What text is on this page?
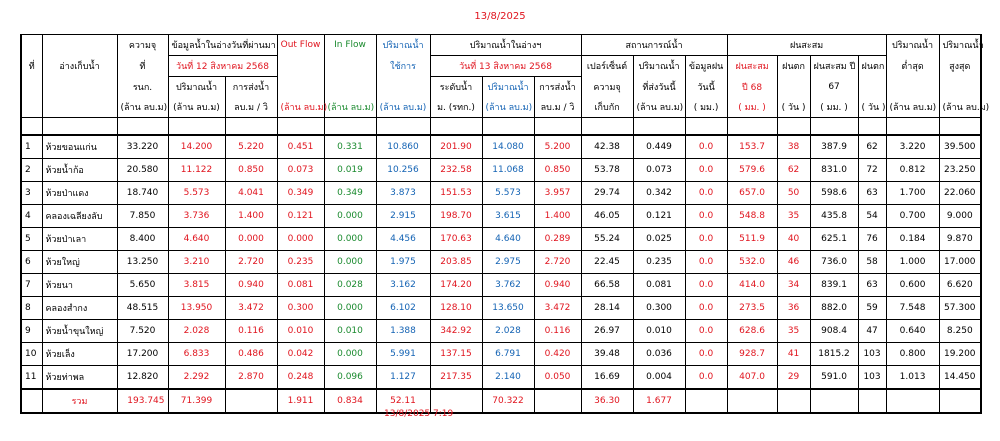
13/8/2025
		ความจุ	ข้อมูลน้ำในอ่างวันที่ผ่านมา		Out Flow	In Flow	ปริมาณน้ำ	ปริมาณน้ำในอ่างฯ			สถานการณ์น้ำ			ฝนสะสม				ปริมาณน้ำ	ปริมาณน้ำ
ที่	อ่างเก็บน้ำ	ที่	วันที่ 12 สิงหาคม 2568				ใช้การ	วันที่ 13 สิงหาคม 2568			เปอร์เซ็นต์	ปริมาณน้ำ	ข้อมูลฝน	ฝนสะสม	ฝนตก	ฝนสะสม ปี	ฝนตก	ต่ำสุด	สูงสุด
		รนก.	ปริมาณน้ำ	การส่งน้ำ				ระดับน้ำ	ปริมาณน้ำ	การส่งน้ำ	ความจุ	ที่ส่งวันนี้	วันนี้	ปี 68		67			
		(ล้าน ลบ.ม)	(ล้าน ลบ.ม)	ลบ.ม / วิ	(ล้าน ลบ.ม)	(ล้าน ลบ.ม)	(ล้าน ลบ.ม)	ม. (รทก.)	(ล้าน ลบ.ม)	ลบ.ม / วิ	เก็บกัก	(ล้าน ลบ.ม)	( มม.)	( มม. )	( วัน )	( มม. )	( วัน )	(ล้าน ลบ.ม)	(ล้าน ลบ.ม)

1	ห้วยขอนแก่น	33.220	14.200	5.220	0.451	0.331	10.860	201.90	14.080	5.200	42.38	0.449	0.0	153.7	38	387.9	62	3.220	39.500
2	ห้วยน้ำก้อ	20.580	11.122	0.850	0.073	0.019	10.256	232.58	11.068	0.850	53.78	0.073	0.0	579.6	62	831.0	72	0.812	23.250
3	ห้วยป่าแดง	18.740	5.573	4.041	0.349	0.349	3.873	151.53	5.573	3.957	29.74	0.342	0.0	657.0	50	598.6	63	1.700	22.060
4	คลองเฉลียงลับ	7.850	3.736	1.400	0.121	0.000	2.915	198.70	3.615	1.400	46.05	0.121	0.0	548.8	35	435.8	54	0.700	9.000
5	ห้วยป่าเลา	8.400	4.640	0.000	0.000	0.000	4.456	170.63	4.640	0.289	55.24	0.025	0.0	511.9	40	625.1	76	0.184	9.870
6	ห้วยใหญ่	13.250	3.210	2.720	0.235	0.000	1.975	203.85	2.975	2.720	22.45	0.235	0.0	532.0	46	736.0	58	1.000	17.000
7	ห้วยนา	5.650	3.815	0.940	0.081	0.028	3.162	174.20	3.762	0.940	66.58	0.081	0.0	414.0	34	839.1	63	0.600	6.620
8	คลองสำกง	48.515	13.950	3.472	0.300	0.000	6.102	128.10	13.650	3.472	28.14	0.300	0.0	273.5	36	882.0	59	7.548	57.300
9	ห้วยน้ำขุนใหญ่	7.520	2.028	0.116	0.010	0.010	1.388	342.92	2.028	0.116	26.97	0.010	0.0	628.6	35	908.4	47	0.640	8.250
10	ห้วยเล็ง	17.200	6.833	0.486	0.042	0.000	5.991	137.15	6.791	0.420	39.48	0.036	0.0	928.7	41	1815.2	103	0.800	19.200
11	ห้วยท่าพล	12.820	2.292	2.870	0.248	0.096	1.127	217.35	2.140	0.050	16.69	0.004	0.0	407.0	29	591.0	103	1.013	14.450
	รวม	193.745	71.399		1.911	0.834	52.11		70.322		36.30	1.677							
13/8/2025 7:19
